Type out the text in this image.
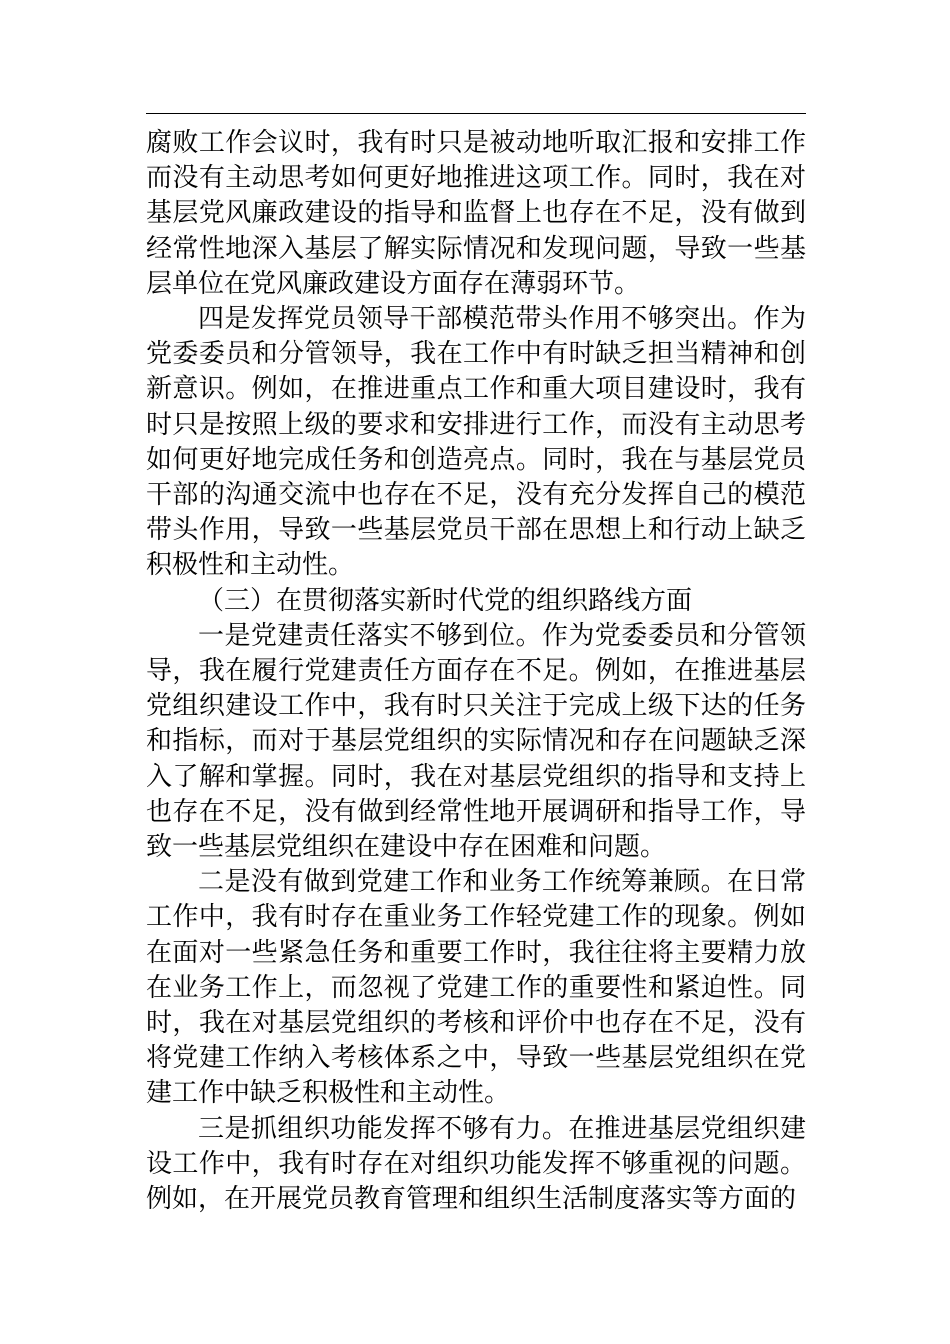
腐败工作会议时，我有时只是被动地听取汇报和安排工作而没有主动思考如何更好地推进这项工作。同时，我在对基层党风廉政建设的指导和监督上也存在不足，没有做到经常性地深入基层了解实际情况和发现问题，导致一些基层单位在党风廉政建设方面存在薄弱环节。

四是发挥党员领导干部模范带头作用不够突出。作为党委委员和分管领导，我在工作中有时缺乏担当精神和创新意识。例如，在推进重点工作和重大项目建设时，我有时只是按照上级的要求和安排进行工作，而没有主动思考如何更好地完成任务和创造亮点。同时，我在与基层党员干部的沟通交流中也存在不足，没有充分发挥自己的模范带头作用，导致一些基层党员干部在思想上和行动上缺乏积极性和主动性。

（三）在贯彻落实新时代党的组织路线方面

一是党建责任落实不够到位。作为党委委员和分管领导，我在履行党建责任方面存在不足。例如，在推进基层党组织建设工作中，我有时只关注于完成上级下达的任务和指标，而对于基层党组织的实际情况和存在问题缺乏深入了解和掌握。同时，我在对基层党组织的指导和支持上也存在不足，没有做到经常性地开展调研和指导工作，导致一些基层党组织在建设中存在困难和问题。

二是没有做到党建工作和业务工作统筹兼顾。在日常工作中，我有时存在重业务工作轻党建工作的现象。例如在面对一些紧急任务和重要工作时，我往往将主要精力放在业务工作上，而忽视了党建工作的重要性和紧迫性。同时，我在对基层党组织的考核和评价中也存在不足，没有将党建工作纳入考核体系之中，导致一些基层党组织在党建工作中缺乏积极性和主动性。

三是抓组织功能发挥不够有力。在推进基层党组织建设工作中，我有时存在对组织功能发挥不够重视的问题。例如，在开展党员教育管理和组织生活制度落实等方面的
